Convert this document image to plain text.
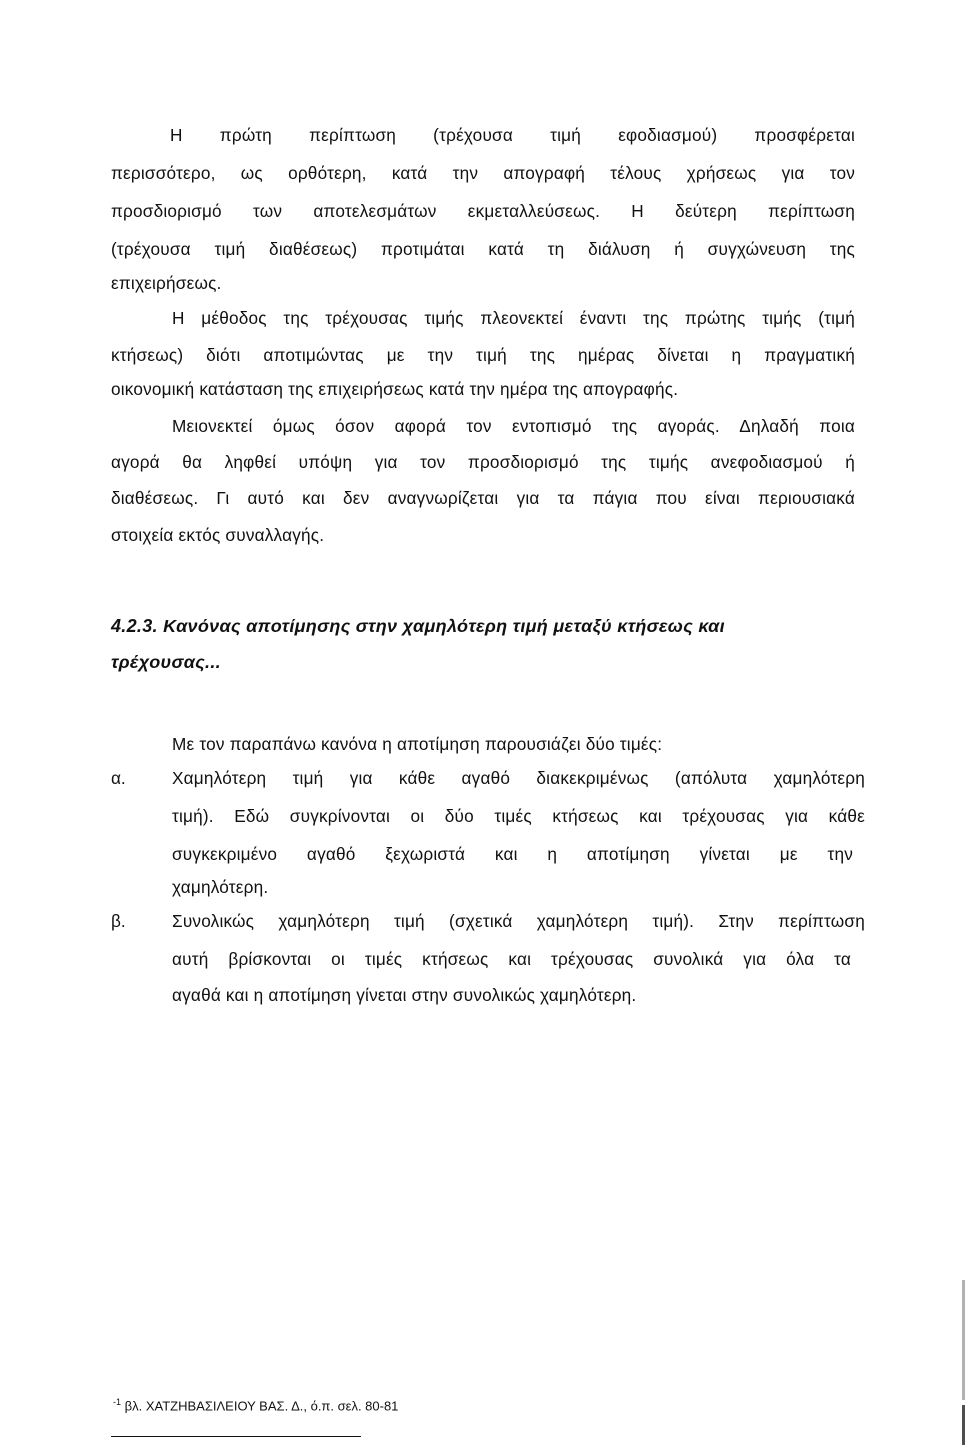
Η πρώτη περίπτωση (τρέχουσα τιμή εφοδιασμού) προσφέρεται
περισσότερο, ως ορθότερη, κατά την απογραφή τέλους χρήσεως για τον
προσδιορισμό των αποτελεσμάτων εκμεταλλεύσεως. Η δεύτερη περίπτωση
(τρέχουσα τιμή διαθέσεως) προτιμάται κατά τη διάλυση ή συγχώνευση της
επιχειρήσεως.
Η μέθοδος της τρέχουσας τιμής πλεονεκτεί έναντι της πρώτης τιμής (τιμή
κτήσεως) διότι αποτιμώντας με την τιμή της ημέρας δίνεται η πραγματική
οικονομική κατάσταση της επιχειρήσεως κατά την ημέρα της απογραφής.
Μειονεκτεί όμως όσον αφορά τον εντοπισμό της αγοράς. Δηλαδή ποια
αγορά θα ληφθεί υπόψη για τον προσδιορισμό της τιμής ανεφοδιασμού ή
διαθέσεως. Γι αυτό και δεν αναγνωρίζεται για τα πάγια που είναι περιουσιακά
στοιχεία εκτός συναλλαγής.
4.2.3. Κανόνας αποτίμησης στην χαμηλότερη τιμή μεταξύ κτήσεως και
τρέχουσας...
Με τον παραπάνω κανόνα η αποτίμηση παρουσιάζει δύο τιμές:
α.	Χαμηλότερη τιμή για κάθε αγαθό διακεκριμένως (απόλυτα χαμηλότερη
τιμή). Εδώ συγκρίνονται οι δύο τιμές κτήσεως και τρέχουσας για κάθε
συγκεκριμένο αγαθό ξεχωριστά και η αποτίμηση γίνεται με την
χαμηλότερη.
β.	Συνολικώς χαμηλότερη τιμή (σχετικά χαμηλότερη τιμή). Στην περίπτωση
αυτή βρίσκονται οι τιμές κτήσεως και τρέχουσας συνολικά για όλα τα
αγαθά και η αποτίμηση γίνεται στην συνολικώς χαμηλότερη.
$^{-1}$ βλ. ΧΑΤΖΗΒΑΣΙΛΕΙΟΥ ΒΑΣ. Δ., ό.π. σελ. 80-81
